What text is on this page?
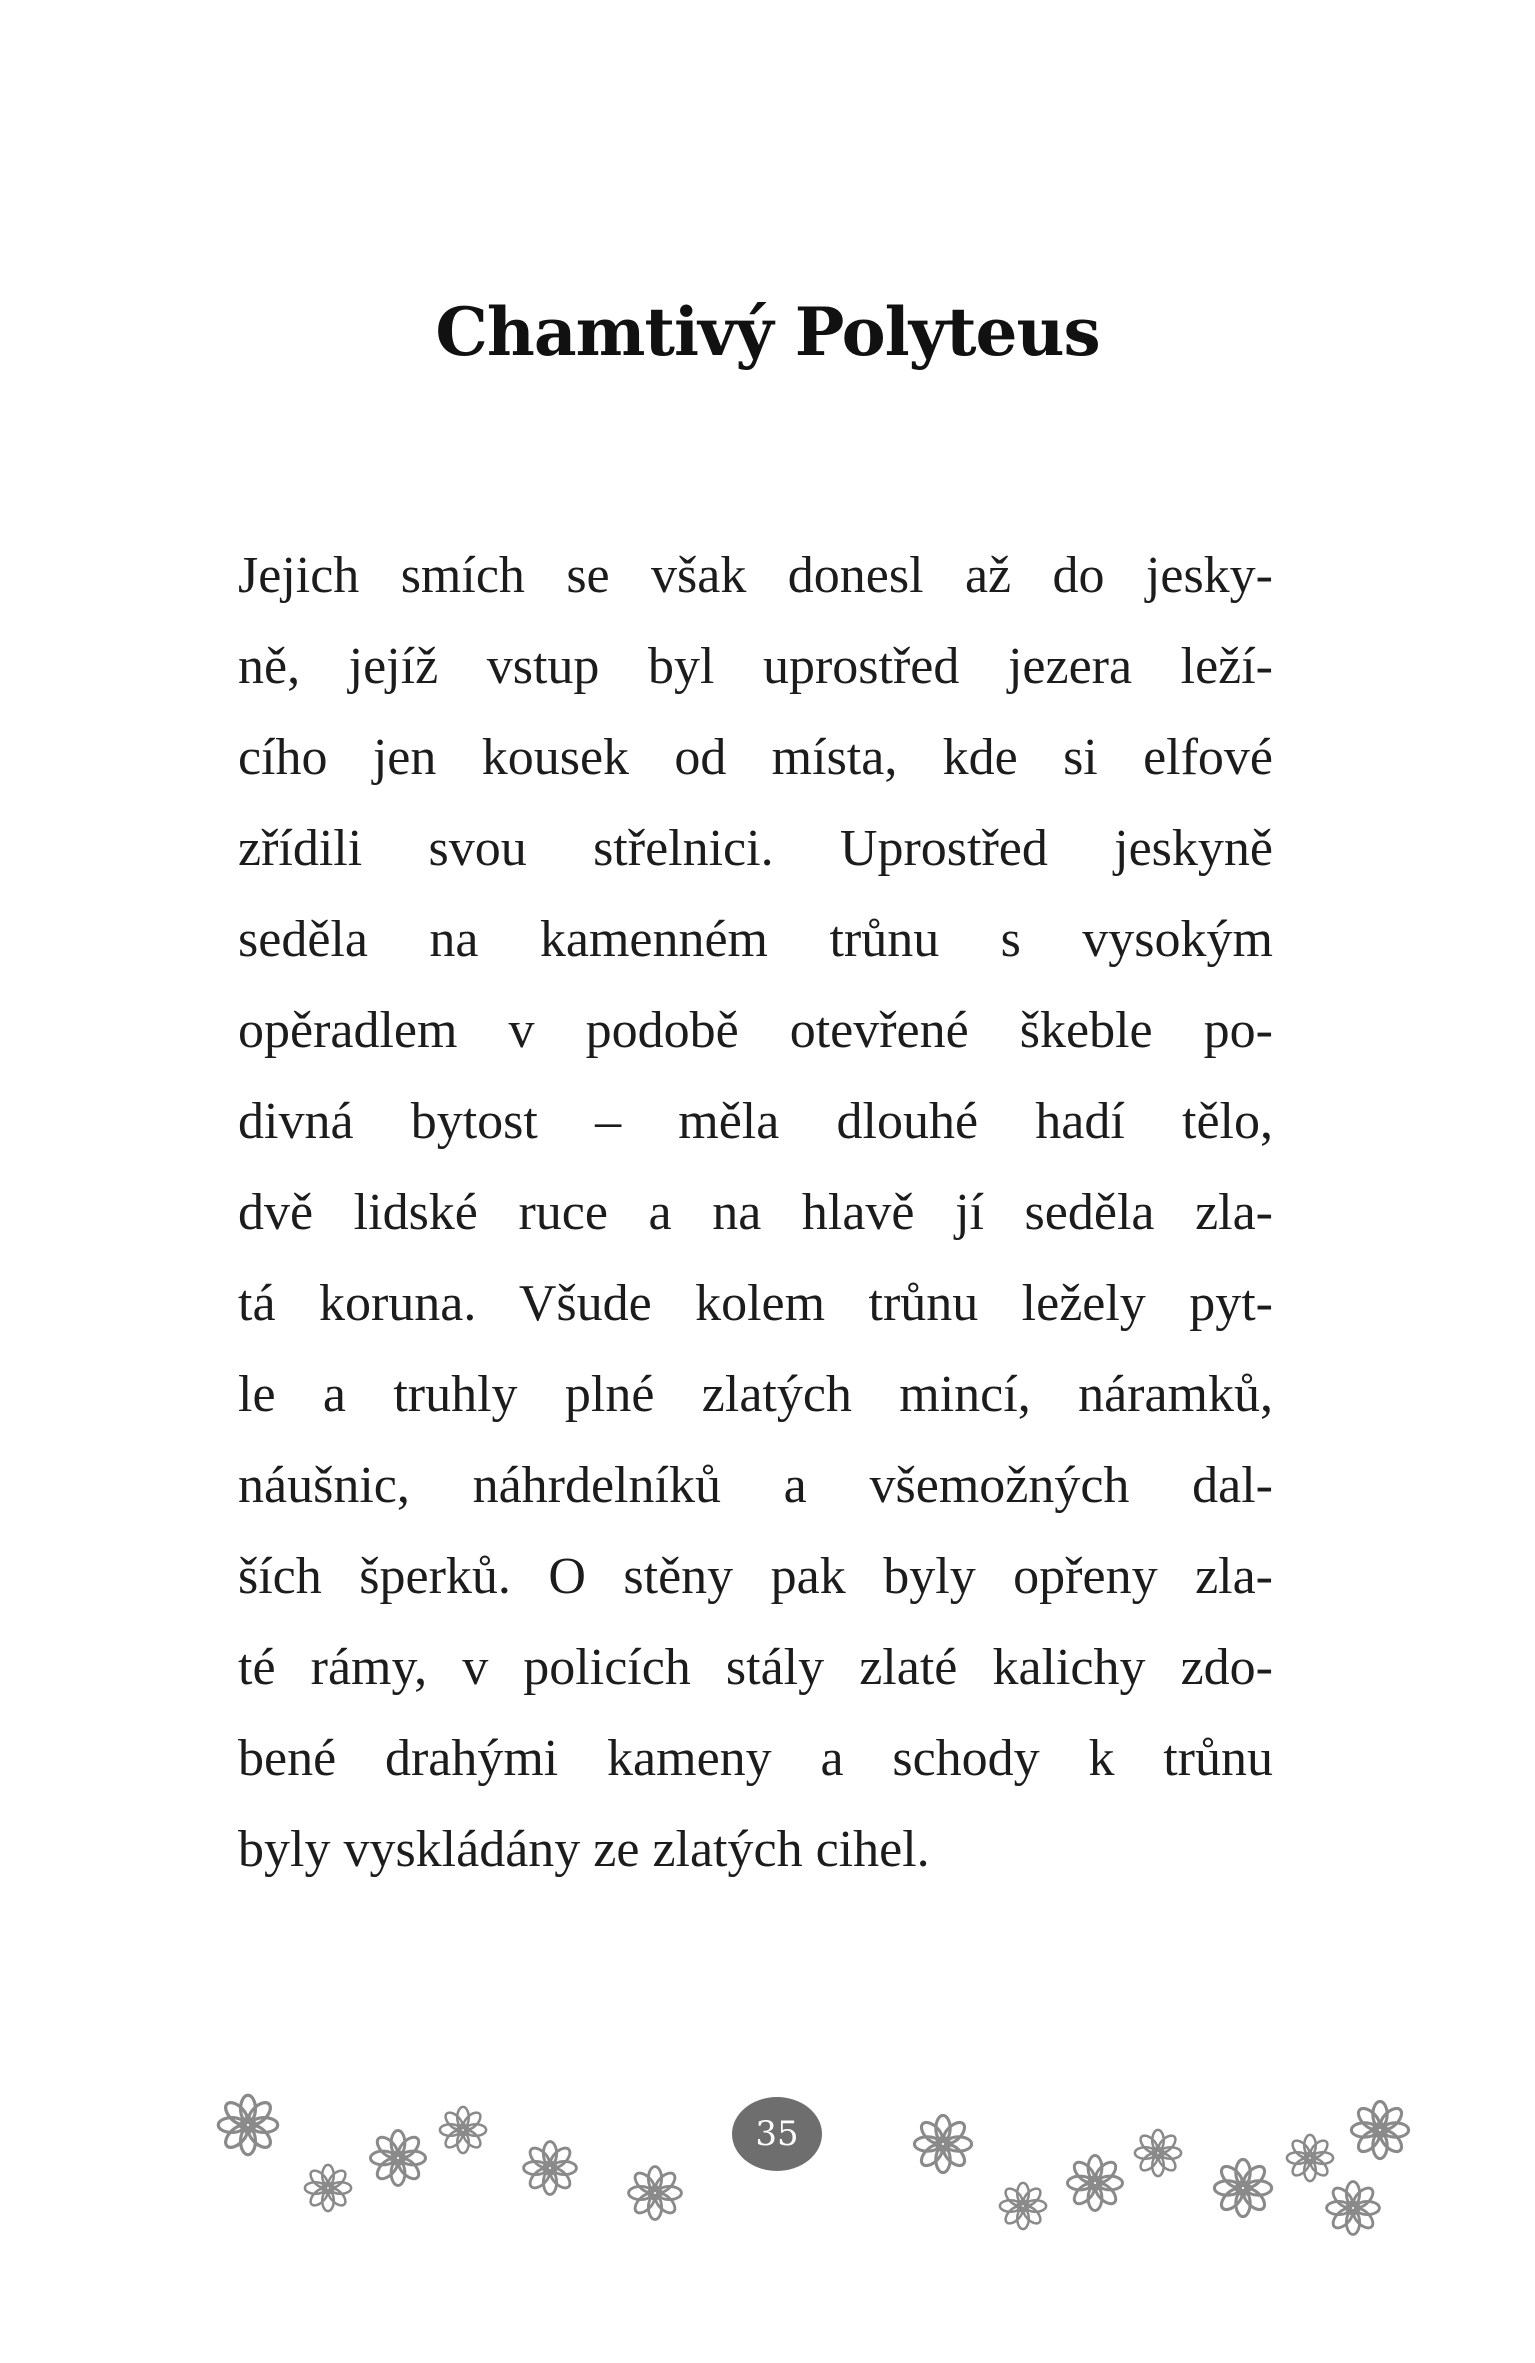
Chamtivý Polyteus
Jejich smích se však donesl až do jesky-
ně, jejíž vstup byl uprostřed jezera leží-
cího jen kousek od místa, kde si elfové
zřídili svou střelnici. Uprostřed jeskyně
seděla na kamenném trůnu s vysokým
opěradlem v podobě otevřené škeble po-
divná bytost – měla dlouhé hadí tělo,
dvě lidské ruce a na hlavě jí seděla zla-
tá koruna. Všude kolem trůnu ležely pyt-
le a truhly plné zlatých mincí, náramků,
náušnic, náhrdelníků a všemožných dal-
ších šperků. O stěny pak byly opřeny zla-
té rámy, v policích stály zlaté kalichy zdo-
bené drahými kameny a schody k trůnu
byly vyskládány ze zlatých cihel.
35
